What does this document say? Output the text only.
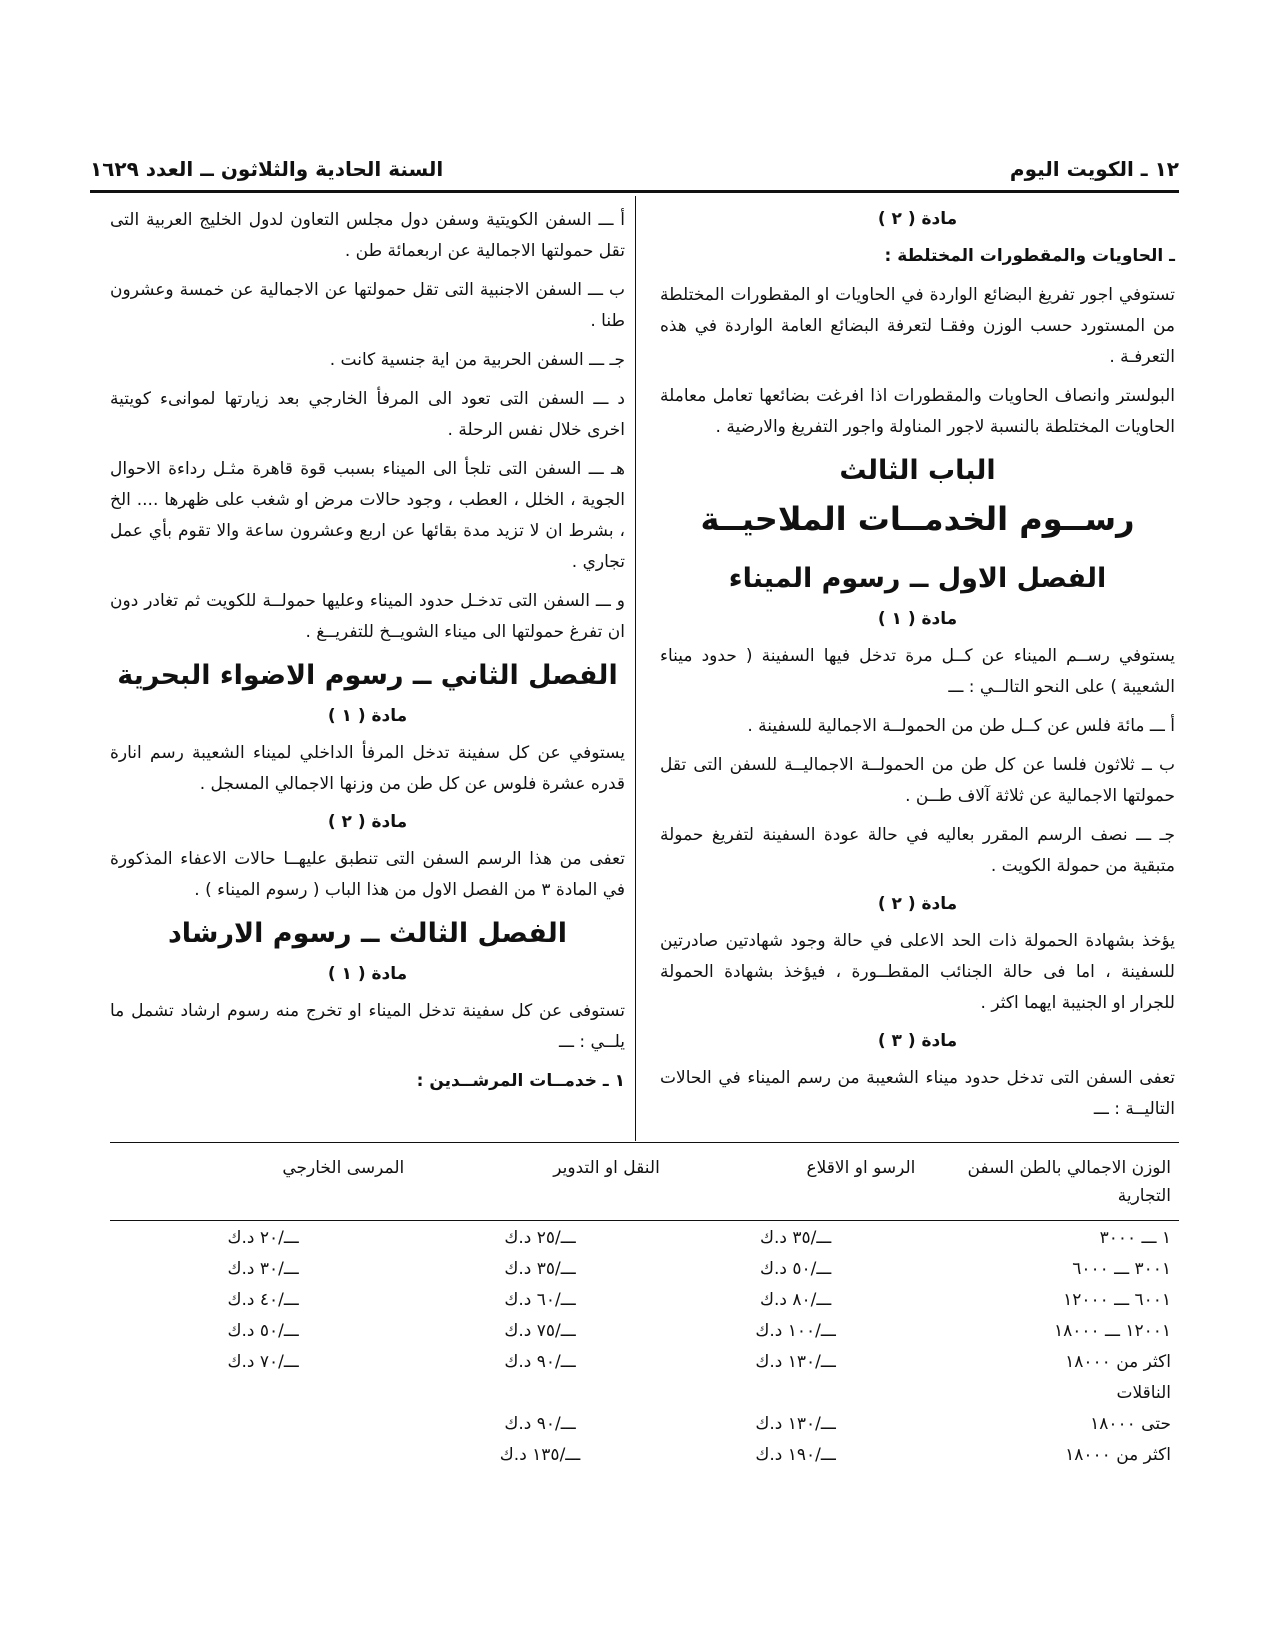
١٢ ـ الكويت اليوم
السنة الحادية والثلاثون ــ العدد ١٦٢٩

مادة ( ٢ )

ـ الحاويات والمقطورات المختلطة :

تستوفي اجور تفريغ البضائع الواردة في الحاويات او المقطورات المختلطة من المستورد حسب الوزن وفقـا لتعرفة البضائع العامة الواردة في هذه التعرفـة .

البولستر وانصاف الحاويات والمقطورات اذا افرغت بضائعها تعامل معاملة الحاويات المختلطة بالنسبة لاجور المناولة واجور التفريغ والارضية .

الباب الثالث
رســوم الخدمــات الملاحيــة
الفصل الاول ــ رسوم الميناء

مادة ( ١ )

يستوفي رســم الميناء عن كــل مرة تدخل فيها السفينة ( حدود ميناء الشعيبة ) على النحو التالــي : ـــ

أ ـــ مائة فلس عن كــل طن من الحمولــة الاجمالية للسفينة .

ب ــ ثلاثون فلسا عن كل طن من الحمولــة الاجماليــة للسفن التى تقل حمولتها الاجمالية عن ثلاثة آلاف طــن .

جـ ـــ نصف الرسم المقرر بعاليه في حالة عودة السفينة لتفريغ حمولة متبقية من حمولة الكويت .

مادة ( ٢ )

يؤخذ بشهادة الحمولة ذات الحد الاعلى في حالة وجود شهادتين صادرتين للسفينة ، اما فى حالة الجنائب المقطــورة ، فيؤخذ بشهادة الحمولة للجرار او الجنيبة ايهما اكثر .

مادة ( ٣ )

تعفى السفن التى تدخل حدود ميناء الشعيبة من رسم الميناء في الحالات التاليــة : ـــ

أ ـــ السفن الكويتية وسفن دول مجلس التعاون لدول الخليج العربية التى تقل حمولتها الاجمالية عن اربعمائة طن .

ب ـــ السفن الاجنبية التى تقل حمولتها عن الاجمالية عن خمسة وعشرون طنا .

جـ ـــ السفن الحربية من اية جنسية كانت .

د ـــ السفن التى تعود الى المرفأ الخارجي بعد زيارتها لموانىء كويتية اخرى خلال نفس الرحلة .

هـ ـــ السفن التى تلجأ الى الميناء بسبب قوة قاهرة مثـل رداءة الاحوال الجوية ، الخلل ، العطب ، وجود حالات مرض او شغب على ظهرها .... الخ ، بشرط ان لا تزيد مدة بقائها عن اربع وعشرون ساعة والا تقوم بأي عمل تجاري .

و ـــ السفن التى تدخـل حدود الميناء وعليها حمولــة للكويت ثم تغادر دون ان تفرغ حمولتها الى ميناء الشويــخ للتفريــغ .

الفصل الثاني ــ رسوم الاضواء البحرية

مادة ( ١ )

يستوفي عن كل سفينة تدخل المرفأ الداخلي لميناء الشعيبة رسم انارة قدره عشرة فلوس عن كل طن من وزنها الاجمالي المسجل .

مادة ( ٢ )

تعفى من هذا الرسم السفن التى تنطبق عليهــا حالات الاعفاء المذكورة في المادة ٣ من الفصل الاول من هذا الباب ( رسوم الميناء ) .

الفصل الثالث ــ رسوم الارشاد

مادة ( ١ )

تستوفى عن كل سفينة تدخل الميناء او تخرج منه رسوم ارشاد تشمل ما يلــي : ـــ

١ ـ خدمــات المرشــدين :

الوزن الاجمالي بالطن السفن التجارية	الرسو او الاقلاع	النقل او التدوير	المرسى الخارجي
١ ـــ ٣٠٠٠	ـــ/٣٥ د.ك	ـــ/٢٥ د.ك	ـــ/٢٠ د.ك
٣٠٠١ ـــ ٦٠٠٠	ـــ/٥٠ د.ك	ـــ/٣٥ د.ك	ـــ/٣٠ د.ك
٦٠٠١ ـــ ١٢٠٠٠	ـــ/٨٠ د.ك	ـــ/٦٠ د.ك	ـــ/٤٠ د.ك
١٢٠٠١ ـــ ١٨٠٠٠	ـــ/١٠٠ د.ك	ـــ/٧٥ د.ك	ـــ/٥٠ د.ك
اكثر من ١٨٠٠٠	ـــ/١٣٠ د.ك	ـــ/٩٠ د.ك	ـــ/٧٠ د.ك
الناقلات			
حتى ١٨٠٠٠	ـــ/١٣٠ د.ك	ـــ/٩٠ د.ك	
اكثر من ١٨٠٠٠	ـــ/١٩٠ د.ك	ـــ/١٣٥ د.ك	
